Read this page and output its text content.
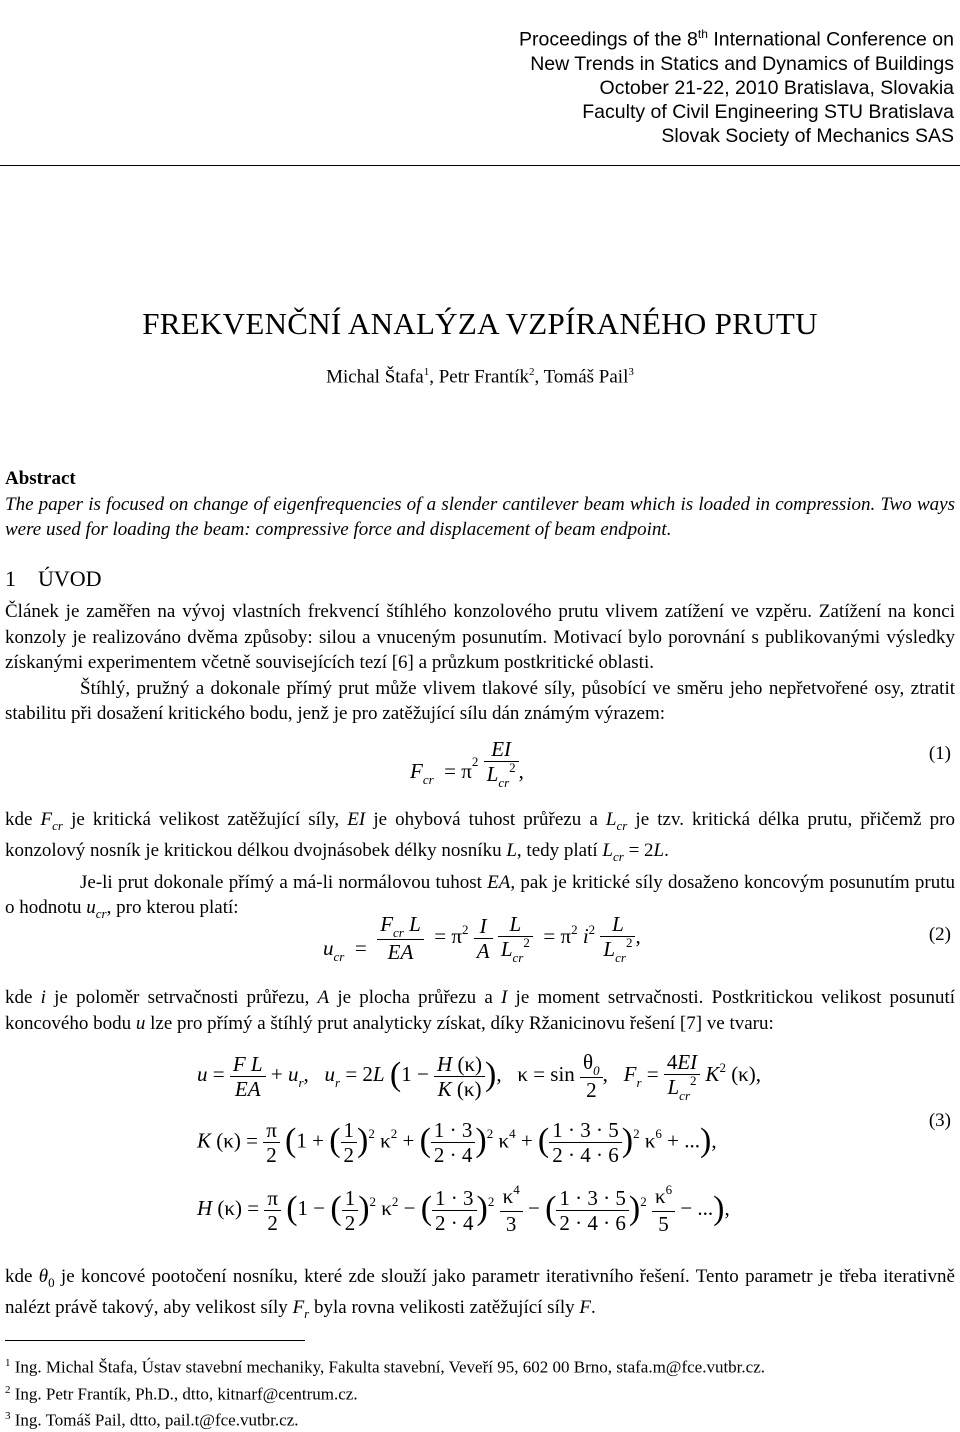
Proceedings of the 8th International Conference on
New Trends in Statics and Dynamics of Buildings
October 21-22, 2010 Bratislava, Slovakia
Faculty of Civil Engineering STU Bratislava
Slovak Society of Mechanics SAS
FREKVENČNÍ ANALÝZA VZPÍRANÉHO PRUTU
Michal Štafa$^1$, Petr Frantík$^2$, Tomáš Pail$^3$
Abstract
The paper is focused on change of eigenfrequencies of a slender cantilever beam which is loaded in compression. Two ways were used for loading the beam: compressive force and displacement of beam endpoint.
1 ÚVOD

Článek je zaměřen na vývoj vlastních frekvencí štíhlého konzolového prutu vlivem zatížení ve vzpěru. Zatížení na konci konzoly je realizováno dvěma způsoby: silou a vnuceným posunutím. Motivací bylo porovnání s publikovanými výsledky získanými experimentem včetně souvisejících tezí [6] a průzkum postkritické oblasti.

Štíhlý, pružný a dokonale přímý prut může vlivem tlakové síly, působící ve směru jeho nepřetvořené osy, ztratit stabilitu při dosažení kritického bodu, jenž je pro zatěžující sílu dán známým výrazem:

$F_{cr} = \pi 2 \frac{EI}{L_{cr}^2}$ ,
(1)

kde $F_{cr}$ je kritická velikost zatěžující síly, EI je ohybová tuhost průřezu a $L_{cr}$ je tzv. kritická délka prutu, přičemž pro konzolový nosník je kritickou délkou dvojnásobek délky nosníku L, tedy platí $L_{cr} = 2L$.

Je-li prut dokonale přímý a má-li normálovou tuhost EA, pak je kritické síly dosaženo koncovým posunutím prutu o hodnotu $u_{cr}$, pro kterou platí:

$u_{cr} = \frac{F_{cr} L}{EA} = \pi^2 \frac{I}{A}$
$\frac{L}{L_{cr}^2} = \pi^2$ $i^2 \frac{L}{L_{cr}^2}$ ,	(2)

kde i je poloměr setrvačnosti průřezu, A je plocha průřezu a I je moment setrvačnosti. Postkritickou velikost posunutí koncového bodu u lze pro přímý a štíhlý prut analyticky získat, díky Ržanicinovu řešení [7] ve tvaru:

$u = \frac{\text{F L}}{EA} + u_r$,   $u_r = 2L$ ($1 - \frac{H (\kappa)}{K (\kappa)}$ ),   $\kappa = \sin \frac{\theta_0}{2}$ ,   $F_r = \frac{4EI}{L_{cr}^2} K^2$ (κ),
K $(\kappa) = \frac{\pi}{2} (1$ + ( $\frac{1}{2} )^2$ $\kappa^2$ + ( $\frac{1 \cdot 3}{2 \cdot 4} )^2$ $\kappa^4$ + ( $\frac{1 \cdot 3 \cdot 5}{2 \cdot 4 \cdot 6} )^2$ $\kappa^6$ + ...),
H $(\kappa) = \frac{\pi}{2} (1$ − ( $\frac{1}{2} )^2$ $\kappa^2$ − ( $\frac{1 \cdot 3}{2 \cdot 4} )^2 \frac{\kappa^4}{3}$ − ( $\frac{1 \cdot 3 \cdot 5}{2 \cdot 4 \cdot 6} )^2 \frac{\kappa^6}{5}$ − ...),
(3)

kde $\theta_0$ je koncové pootočení nosníku, které zde slouží jako parametr iterativního řešení. Tento parametr je třeba iterativně nalézt právě takový, aby velikost síly $F_r$ byla rovna velikosti zatěžující síly F.

$^1$ Ing. Michal Štafa, Ústav stavební mechaniky, Fakulta stavební, Veveří 95, 602 00 Brno, stafa.m@fce.vutbr.cz.
$^2$ Ing. Petr Frantík, Ph.D., dtto, kitnarf@centrum.cz.
$^3$ Ing. Tomáš Pail, dtto, pail.t@fce.vutbr.cz.
